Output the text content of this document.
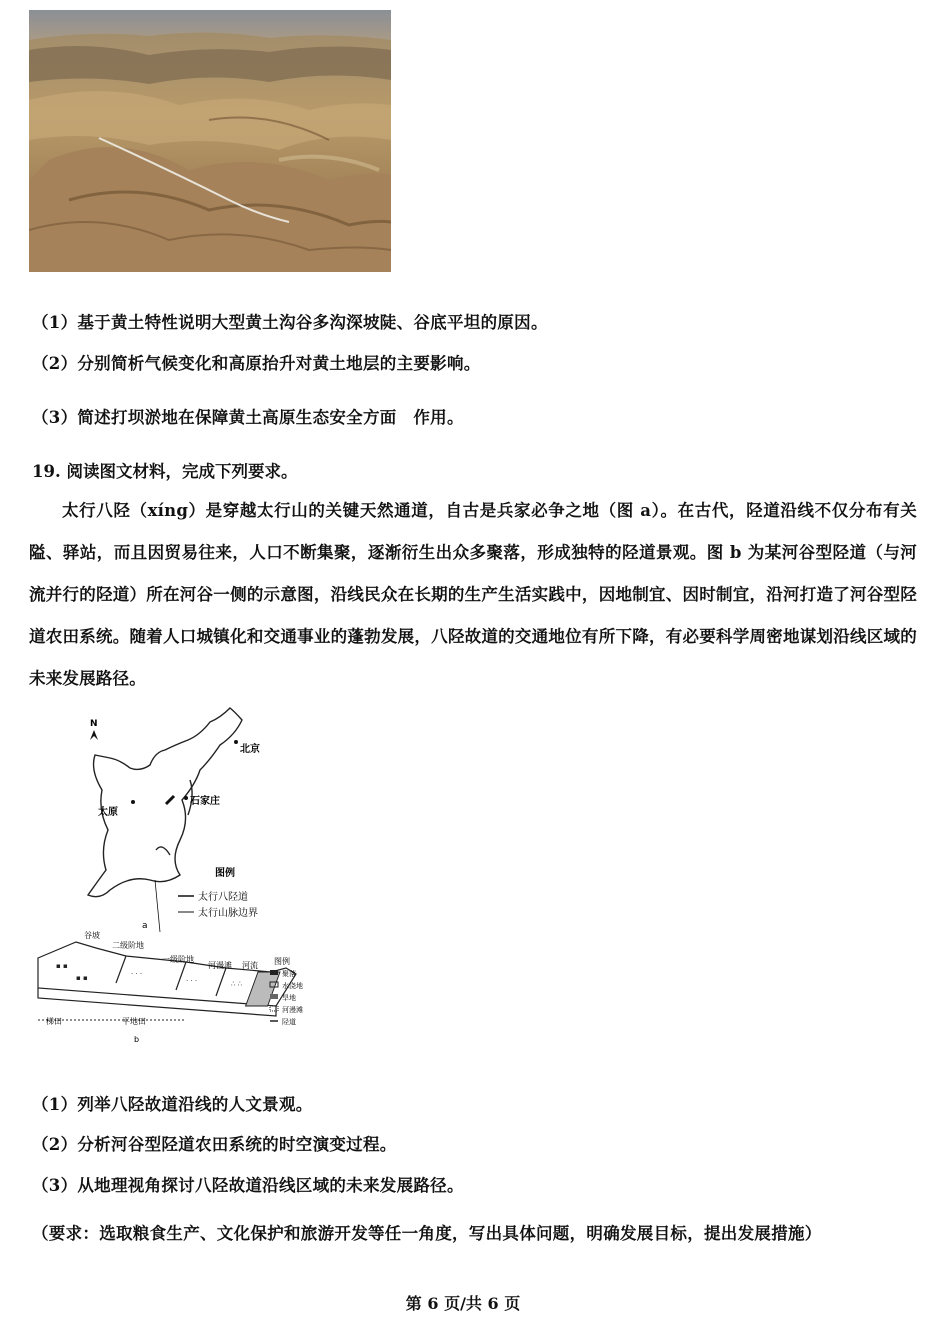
（1）基于黄土特性说明大型黄土沟谷多沟深坡陡、谷底平坦的原因。
（2）分别简析气候变化和高原抬升对黄土地层的主要影响。
（3）简述打坝淤地在保障黄土高原生态安全方面　作用。
19. 阅读图文材料，完成下列要求。
太行八陉（xíng）是穿越太行山的关键天然通道，自古是兵家必争之地（图 a）。在古代，陉道沿线不仅分布有关隘、驿站，而且因贸易往来，人口不断集聚，逐渐衍生出众多聚落，形成独特的陉道景观。图 b 为某河谷型陉道（与河流并行的陉道）所在河谷一侧的示意图，沿线民众在长期的生产生活实践中，因地制宜、因时制宜，沿河打造了河谷型陉道农田系统。随着人口城镇化和交通事业的蓬勃发展，八陉故道的交通地位有所下降，有必要科学周密地谋划沿线区域的未来发展路径。
N
北京
太原
石家庄
图例
太行八陉道
太行山脉边界
a
▪ ▪
▪ ▪	· · ·
· · ·	∴ ∴
谷坡
二级阶地
一级阶地
河漫滩 河流
梯田	平地田
b
图例
聚落
水浇地
旱地
河漫滩
陉道
（1）列举八陉故道沿线的人文景观。
（2）分析河谷型陉道农田系统的时空演变过程。
（3）从地理视角探讨八陉故道沿线区域的未来发展路径。
（要求：选取粮食生产、文化保护和旅游开发等任一角度，写出具体问题，明确发展目标，提出发展措施）
第 6 页/共 6 页
